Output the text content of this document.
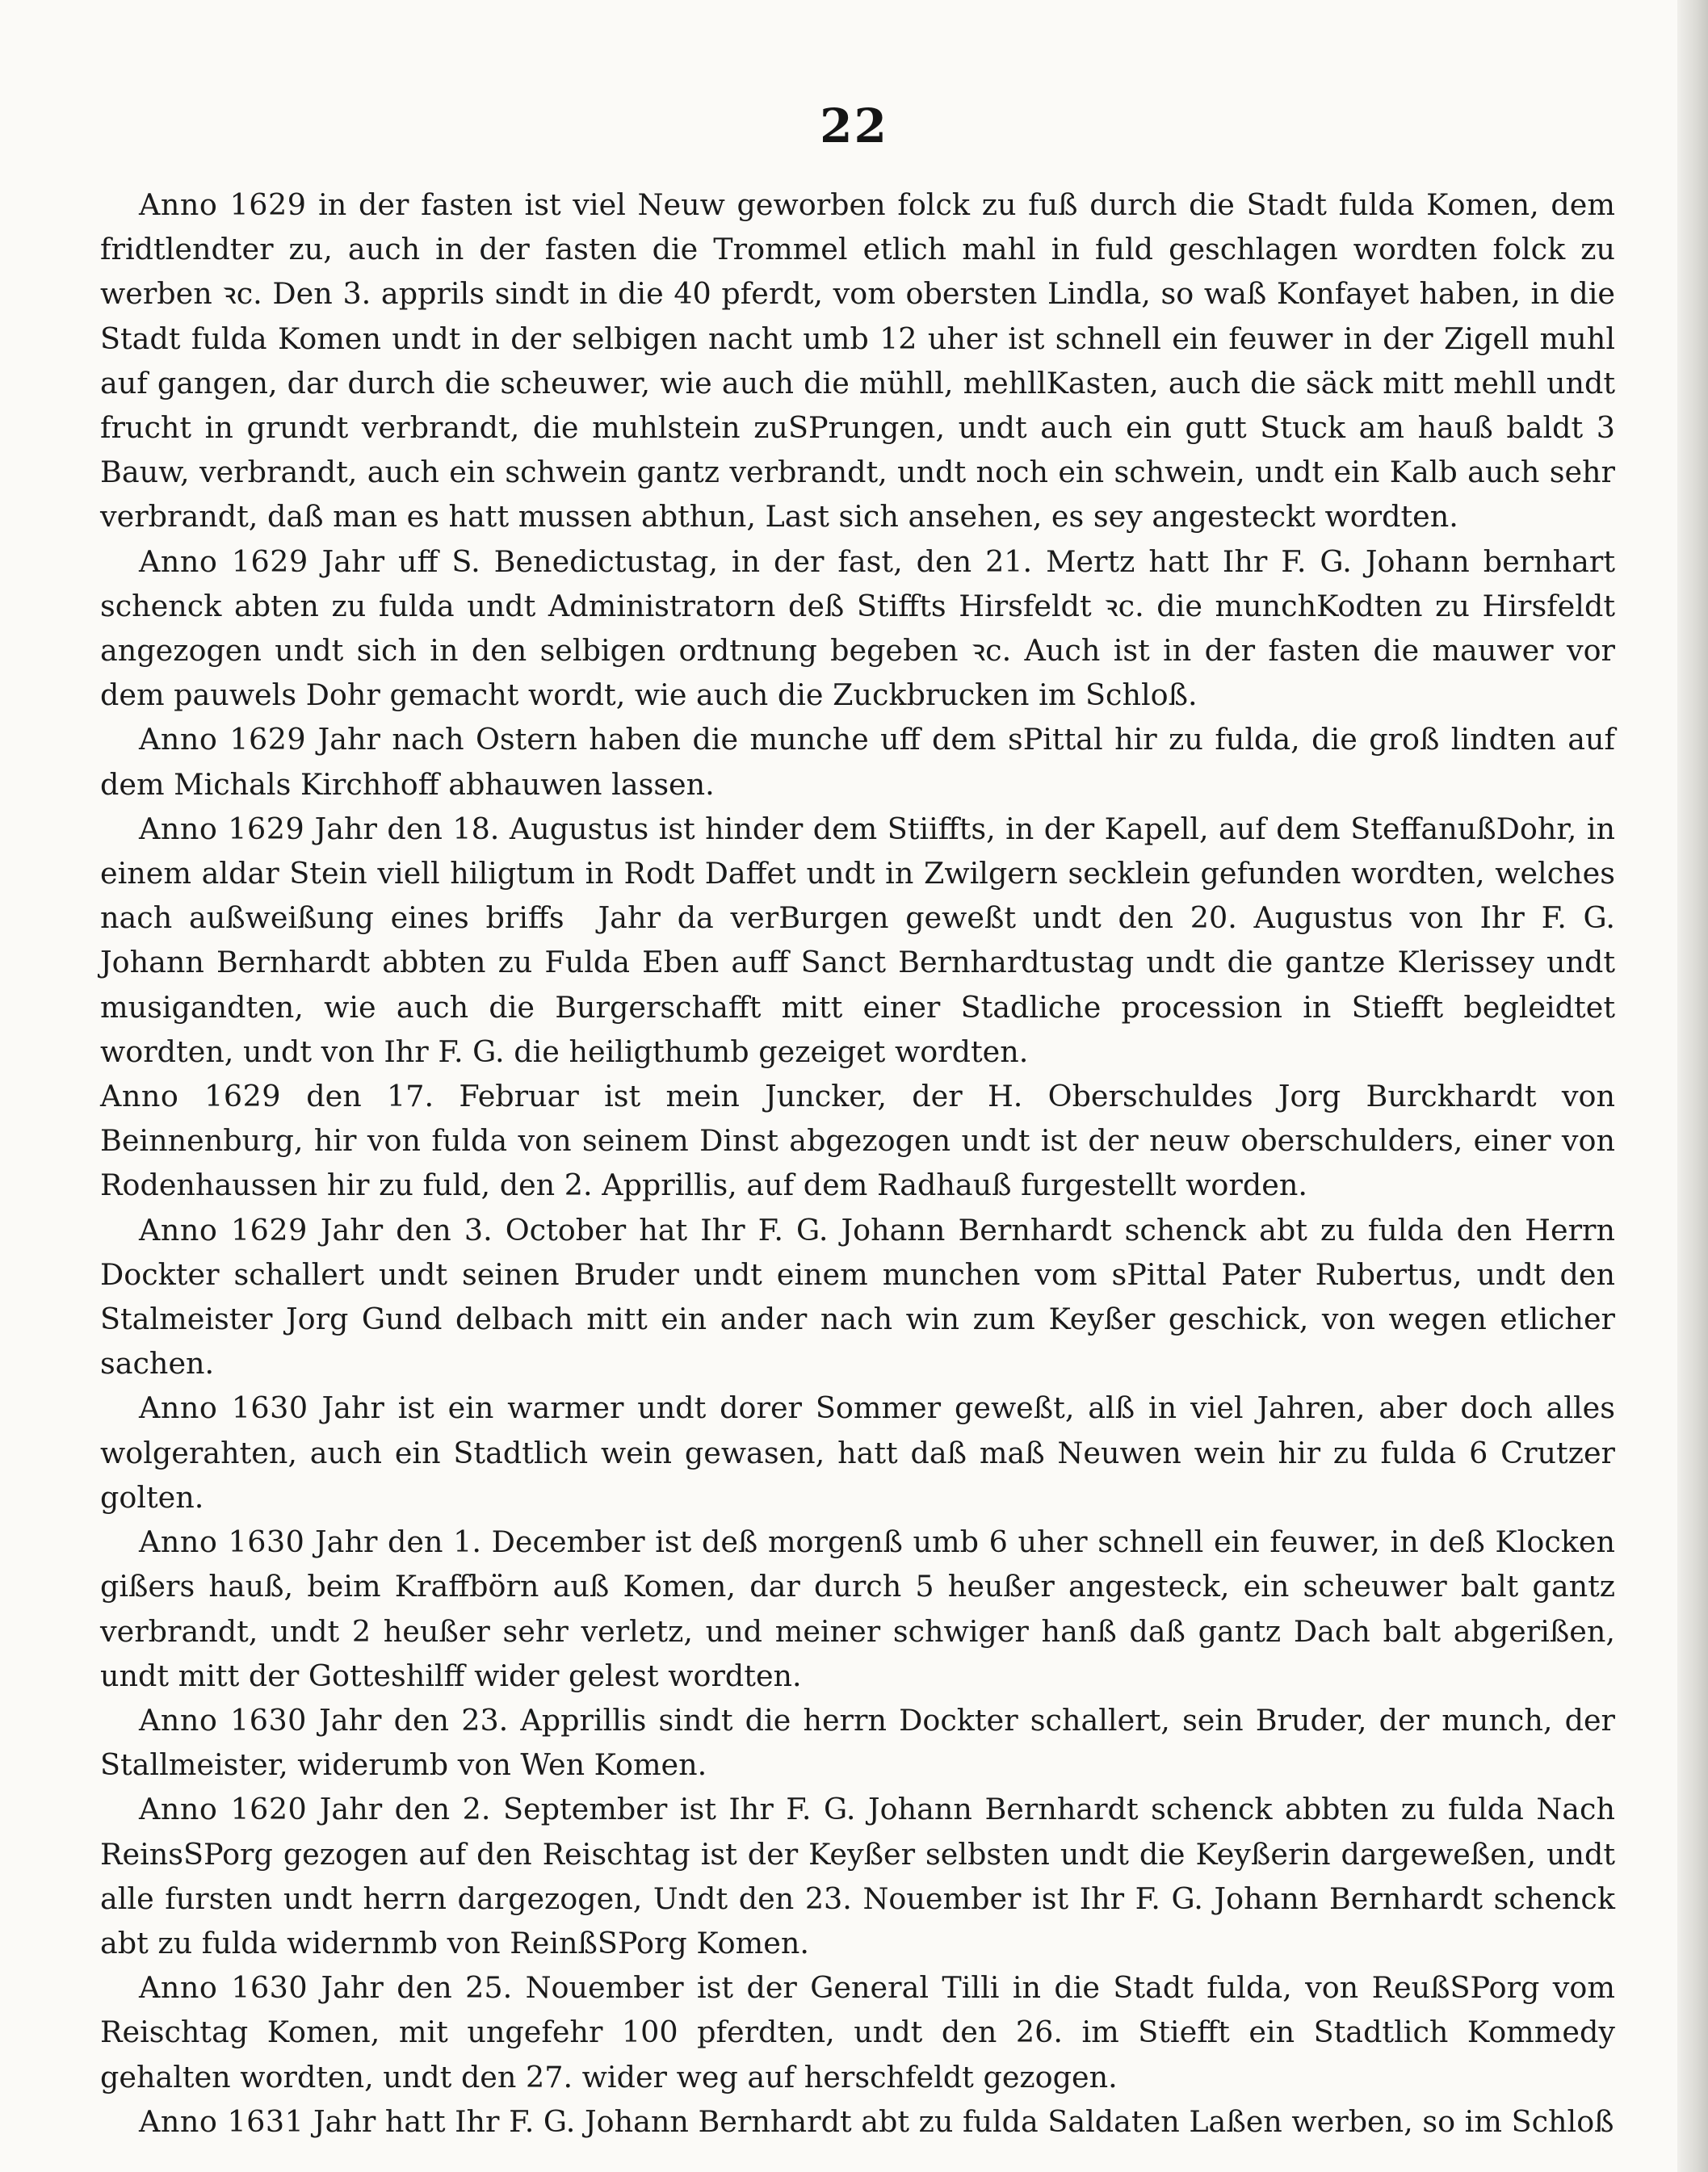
22

Anno 1629 in der fasten ist viel Neuw geworben folck zu fuß durch die Stadt fulda Komen, dem fridtlendter zu, auch in der fasten die Trommel etlich mahl in fuld geschlagen wordten folck zu werben ꝛc. Den 3. apprils sindt in die 40 pferdt, vom obersten Lindla, so waß Konfayet haben, in die Stadt fulda Komen undt in der selbigen nacht umb 12 uher ist schnell ein feuwer in der Zigell muhl auf gangen, dar durch die scheuwer, wie auch die mühll, mehllKasten, auch die säck mitt mehll undt frucht in grundt verbrandt, die muhlstein zuSPrungen, undt auch ein gutt Stuck am hauß baldt 3 Bauw, verbrandt, auch ein schwein gantz verbrandt, undt noch ein schwein, undt ein Kalb auch sehr verbrandt, daß man es hatt mussen abthun, Last sich ansehen, es sey angesteckt wordten.

Anno 1629 Jahr uff S. Benedictustag, in der fast, den 21. Mertz hatt Ihr F. G. Johann bernhart schenck abten zu fulda undt Administratorn deß Stiffts Hirsfeldt ꝛc. die munchKodten zu Hirsfeldt angezogen undt sich in den selbigen ordtnung begeben ꝛc. Auch ist in der fasten die mauwer vor dem pauwels Dohr gemacht wordt, wie auch die Zuckbrucken im Schloß.

Anno 1629 Jahr nach Ostern haben die munche uff dem sPittal hir zu fulda, die groß lindten auf dem Michals Kirchhoff abhauwen lassen.

Anno 1629 Jahr den 18. Augustus ist hinder dem Stiiffts, in der Kapell, auf dem SteffanußDohr, in einem aldar Stein viell hiligtum in Rodt Daffet undt in Zwilgern secklein gefunden wordten, welches nach außweißung eines briffs Jahr da verBurgen geweßt undt den 20. Augustus von Ihr F. G. Johann Bernhardt abbten zu Fulda Eben auff Sanct Bernhardtustag undt die gantze Klerissey undt musigandten, wie auch die Burgerschafft mitt einer Stadliche procession in Stiefft begleidtet wordten, undt von Ihr F. G. die heiligthumb gezeiget wordten.

Anno 1629 den 17. Februar ist mein Juncker, der H. Oberschuldes Jorg Burckhardt von Beinnenburg, hir von fulda von seinem Dinst abgezogen undt ist der neuw oberschulders, einer von Rodenhaussen hir zu fuld, den 2. Apprillis, auf dem Radhauß furgestellt worden.

Anno 1629 Jahr den 3. October hat Ihr F. G. Johann Bernhardt schenck abt zu fulda den Herrn Dockter schallert undt seinen Bruder undt einem munchen vom sPittal Pater Rubertus, undt den Stalmeister Jorg Gund delbach mitt ein ander nach win zum Keyßer geschick, von wegen etlicher sachen.

Anno 1630 Jahr ist ein warmer undt dorer Sommer geweßt, alß in viel Jahren, aber doch alles wolgerahten, auch ein Stadtlich wein gewasen, hatt daß maß Neuwen wein hir zu fulda 6 Crutzer golten.

Anno 1630 Jahr den 1. December ist deß morgenß umb 6 uher schnell ein feuwer, in deß Klocken gißers hauß, beim Kraffbörn auß Komen, dar durch 5 heußer angesteck, ein scheuwer balt gantz verbrandt, undt 2 heußer sehr verletz, und meiner schwiger hanß daß gantz Dach balt abgerißen, undt mitt der Gotteshilff wider gelest wordten.

Anno 1630 Jahr den 23. Apprillis sindt die herrn Dockter schallert, sein Bruder, der munch, der Stallmeister, widerumb von Wen Komen.

Anno 1620 Jahr den 2. September ist Ihr F. G. Johann Bernhardt schenck abbten zu fulda Nach ReinsSPorg gezogen auf den Reischtag ist der Keyßer selbsten undt die Keyßerin dargeweßen, undt alle fursten undt herrn dargezogen, Undt den 23. Nouember ist Ihr F. G. Johann Bernhardt schenck abt zu fulda widernmb von ReinßSPorg Komen.

Anno 1630 Jahr den 25. Nouember ist der General Tilli in die Stadt fulda, von ReußSPorg vom Reischtag Komen, mit ungefehr 100 pferdten, undt den 26. im Stiefft ein Stadtlich Kommedy gehalten wordten, undt den 27. wider weg auf herschfeldt gezogen.

Anno 1631 Jahr hatt Ihr F. G. Johann Bernhardt abt zu fulda Saldaten Laßen werben, so im Schloß
